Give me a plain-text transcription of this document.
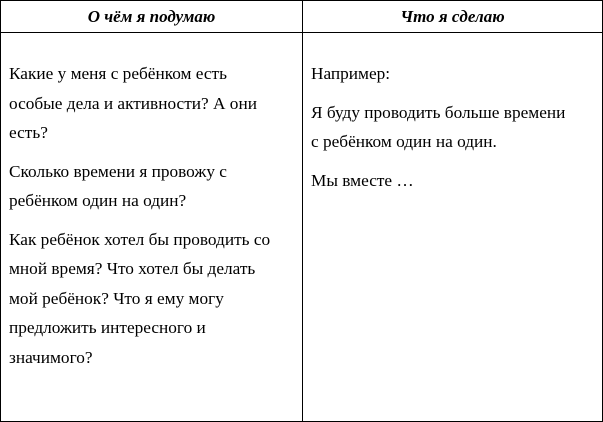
О чём я подумаю	Что я сделаю

Какие у меня с ребёнком есть
особые дела и активности? А они
есть?

Сколько времени я провожу с
ребёнком один на один?

Как ребёнок хотел бы проводить со
мной время? Что хотел бы делать
мой ребёнок? Что я ему могу
предложить интересного и
значимого?

Например:

Я буду проводить больше времени
с ребёнком один на один.

Мы вместе …
